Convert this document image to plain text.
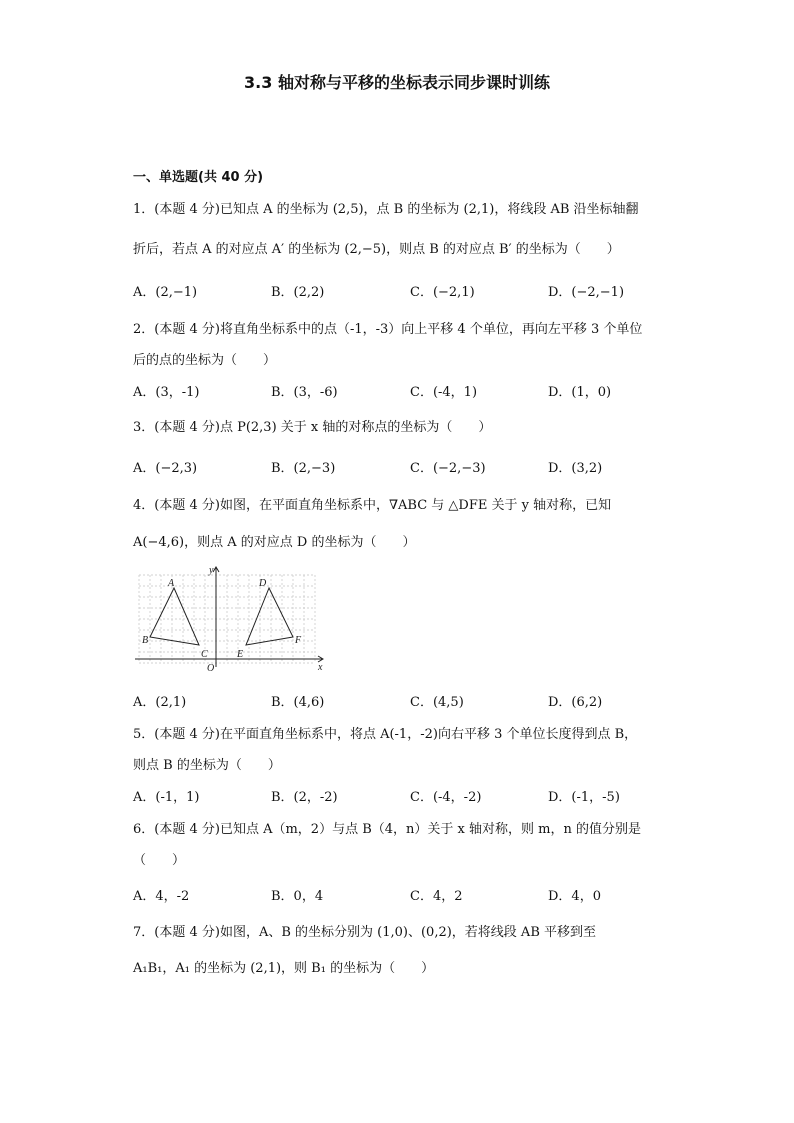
3.3 轴对称与平移的坐标表示同步课时训练
一、单选题(共 40 分)
1．(本题 4 分)已知点 A 的坐标为 (2,5)，点 B 的坐标为 (2,1)，将线段 AB 沿坐标轴翻
折后，若点 A 的对应点 A′ 的坐标为 (2,−5)，则点 B 的对应点 B′ 的坐标为（　　）
A．(2,−1)	B．(2,2)	C．(−2,1)	D．(−2,−1)
2．(本题 4 分)将直角坐标系中的点（-1，-3）向上平移 4 个单位，再向左平移 3 个单位
后的点的坐标为（　　）
A．(3，-1)	B．(3，-6)	C．(-4，1)	D．(1，0)
3．(本题 4 分)点 P(2,3) 关于 x 轴的对称点的坐标为（　　）
A．(−2,3)	B．(2,−3)	C．(−2,−3)	D．(3,2)
4．(本题 4 分)如图，在平面直角坐标系中，∇ABC 与 △DFE 关于 y 轴对称，已知
A(−4,6)，则点 A 的对应点 D 的坐标为（　　）
y
x
O
A
B
C
D
E
F
A．(2,1)	B．(4,6)	C．(4,5)	D．(6,2)
5．(本题 4 分)在平面直角坐标系中，将点 A(-1，-2)向右平移 3 个单位长度得到点 B，
则点 B 的坐标为（　　）
A．(-1，1)	B．(2，-2)	C．(-4，-2)	D．(-1，-5)
6．(本题 4 分)已知点 A（m，2）与点 B（4，n）关于 x 轴对称，则 m，n 的值分别是
（　　）
A．4，-2	B．0，4	C．4，2	D．4，0
7．(本题 4 分)如图，A、B 的坐标分别为 (1,0)、(0,2)，若将线段 AB 平移到至
A₁B₁，A₁ 的坐标为 (2,1)，则 B₁ 的坐标为（　　）
